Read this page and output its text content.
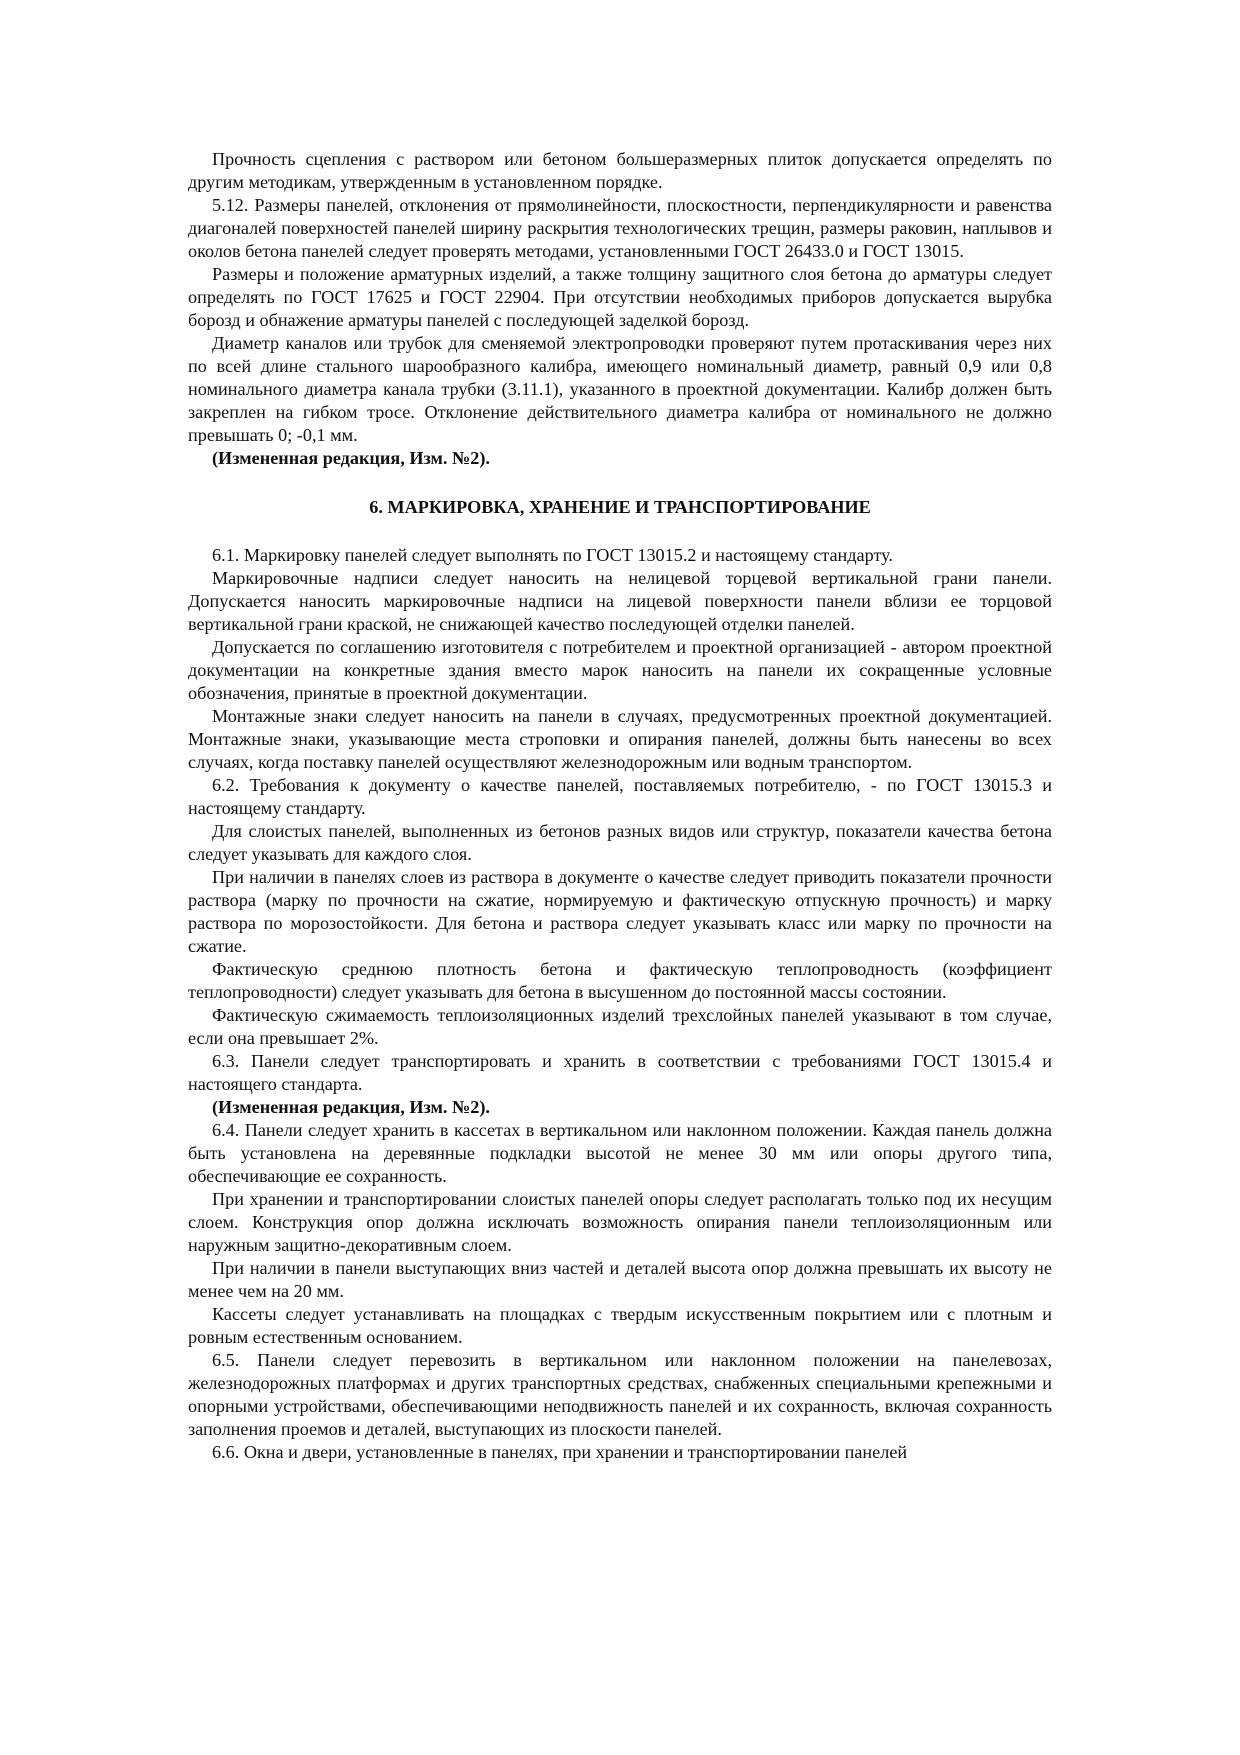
Прочность сцепления с раствором или бетоном большеразмерных плиток допускается определять по другим методикам, утвержденным в установленном порядке.

5.12. Размеры панелей, отклонения от прямолинейности, плоскостности, перпендикулярности и равенства диагоналей поверхностей панелей ширину раскрытия технологических трещин, размеры раковин, наплывов и околов бетона панелей следует проверять методами, установленными ГОСТ 26433.0 и ГОСТ 13015.

Размеры и положение арматурных изделий, а также толщину защитного слоя бетона до арматуры следует определять по ГОСТ 17625 и ГОСТ 22904. При отсутствии необходимых приборов допускается вырубка борозд и обнажение арматуры панелей с последующей заделкой борозд.

Диаметр каналов или трубок для сменяемой электропроводки проверяют путем протаскивания через них по всей длине стального шарообразного калибра, имеющего номинальный диаметр, равный 0,9 или 0,8 номинального диаметра канала трубки (3.11.1), указанного в проектной документации. Калибр должен быть закреплен на гибком тросе. Отклонение действительного диаметра калибра от номинального не должно превышать 0; -0,1 мм.

(Измененная редакция, Изм. №2).

6. МАРКИРОВКА, ХРАНЕНИЕ И ТРАНСПОРТИРОВАНИЕ

6.1. Маркировку панелей следует выполнять по ГОСТ 13015.2 и настоящему стандарту.

Маркировочные надписи следует наносить на нелицевой торцевой вертикальной грани панели. Допускается наносить маркировочные надписи на лицевой поверхности панели вблизи ее торцовой вертикальной грани краской, не снижающей качество последующей отделки панелей.

Допускается по соглашению изготовителя с потребителем и проектной организацией - автором проектной документации на конкретные здания вместо марок наносить на панели их сокращенные условные обозначения, принятые в проектной документации.

Монтажные знаки следует наносить на панели в случаях, предусмотренных проектной документацией. Монтажные знаки, указывающие места строповки и опирания панелей, должны быть нанесены во всех случаях, когда поставку панелей осуществляют железнодорожным или водным транспортом.

6.2. Требования к документу о качестве панелей, поставляемых потребителю, - по ГОСТ 13015.3 и настоящему стандарту.

Для слоистых панелей, выполненных из бетонов разных видов или структур, показатели качества бетона следует указывать для каждого слоя.

При наличии в панелях слоев из раствора в документе о качестве следует приводить показатели прочности раствора (марку по прочности на сжатие, нормируемую и фактическую отпускную прочность) и марку раствора по морозостойкости. Для бетона и раствора следует указывать класс или марку по прочности на сжатие.

Фактическую среднюю плотность бетона и фактическую теплопроводность (коэффициент теплопроводности) следует указывать для бетона в высушенном до постоянной массы состоянии.

Фактическую сжимаемость теплоизоляционных изделий трехслойных панелей указывают в том случае, если она превышает 2%.

6.3. Панели следует транспортировать и хранить в соответствии с требованиями ГОСТ 13015.4 и настоящего стандарта.

(Измененная редакция, Изм. №2).

6.4. Панели следует хранить в кассетах в вертикальном или наклонном положении. Каждая панель должна быть установлена на деревянные подкладки высотой не менее 30 мм или опоры другого типа, обеспечивающие ее сохранность.

При хранении и транспортировании слоистых панелей опоры следует располагать только под их несущим слоем. Конструкция опор должна исключать возможность опирания панели теплоизоляционным или наружным защитно-декоративным слоем.

При наличии в панели выступающих вниз частей и деталей высота опор должна превышать их высоту не менее чем на 20 мм.

Кассеты следует устанавливать на площадках с твердым искусственным покрытием или с плотным и ровным естественным основанием.

6.5. Панели следует перевозить в вертикальном или наклонном положении на панелевозах, железнодорожных платформах и других транспортных средствах, снабженных специальными крепежными и опорными устройствами, обеспечивающими неподвижность панелей и их сохранность, включая сохранность заполнения проемов и деталей, выступающих из плоскости панелей.

6.6. Окна и двери, установленные в панелях, при хранении и транспортировании панелей
